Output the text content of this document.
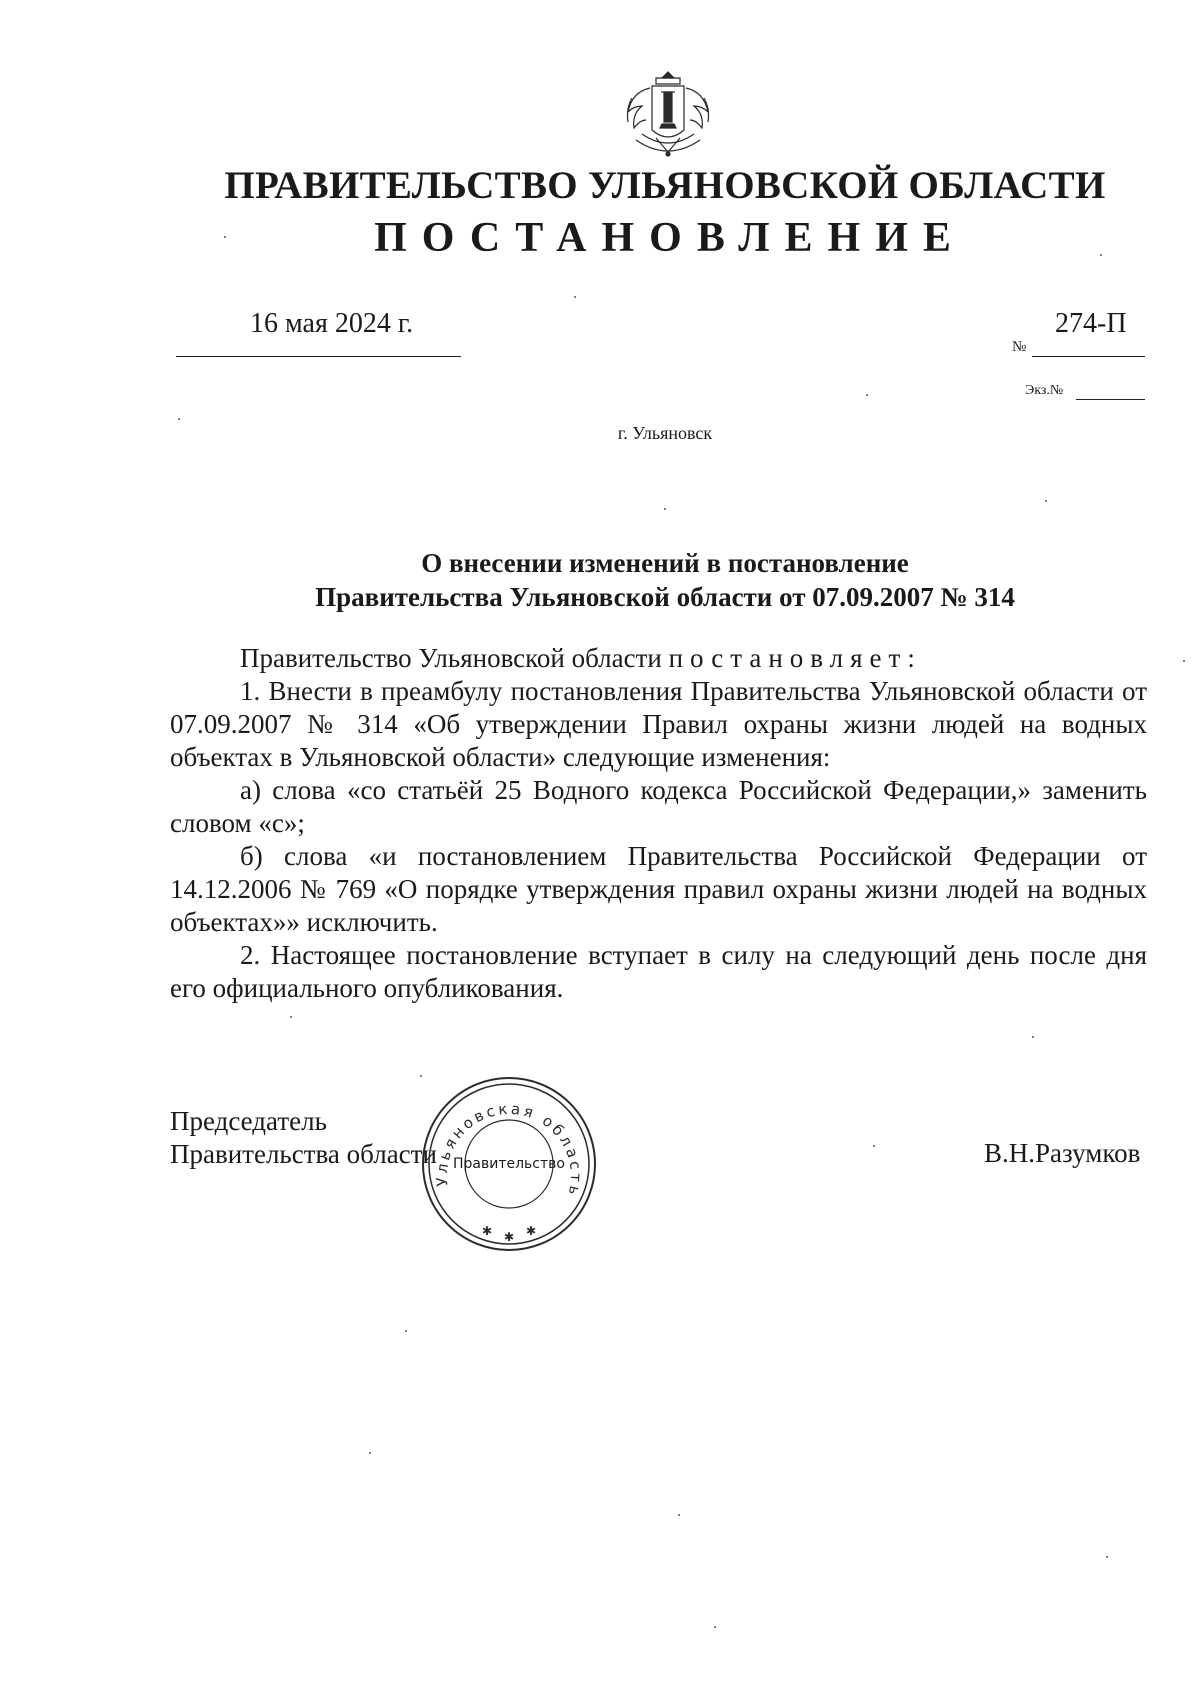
ПРАВИТЕЛЬСТВО УЛЬЯНОВСКОЙ ОБЛАСТИ
ПОСТАНОВЛЕНИЕ
16 мая 2024 г.	274-П
№
Экз.№
г. Ульяновск
О внесении изменений в постановление
Правительства Ульяновской области от 07.09.2007 № 314

Правительство Ульяновской области постановляет:

1. Внести в преамбулу постановления Правительства Ульяновской области от 07.09.2007 № 314 «Об утверждении Правил охраны жизни людей на водных объектах в Ульяновской области» следующие изменения:

а) слова «со статьёй 25 Водного кодекса Российской Федерации,» заменить словом «с»;

б) слова «и постановлением Правительства Российской Федерации от 14.12.2006 № 769 «О порядке утверждения правил охраны жизни людей на водных объектах»» исключить.

2. Настоящее постановление вступает в силу на следующий день после дня его официального опубликования.

Председатель
Правительства области	В.Н.Разумков
Ульяновская область
✱ ✱ ✱
Правительство
